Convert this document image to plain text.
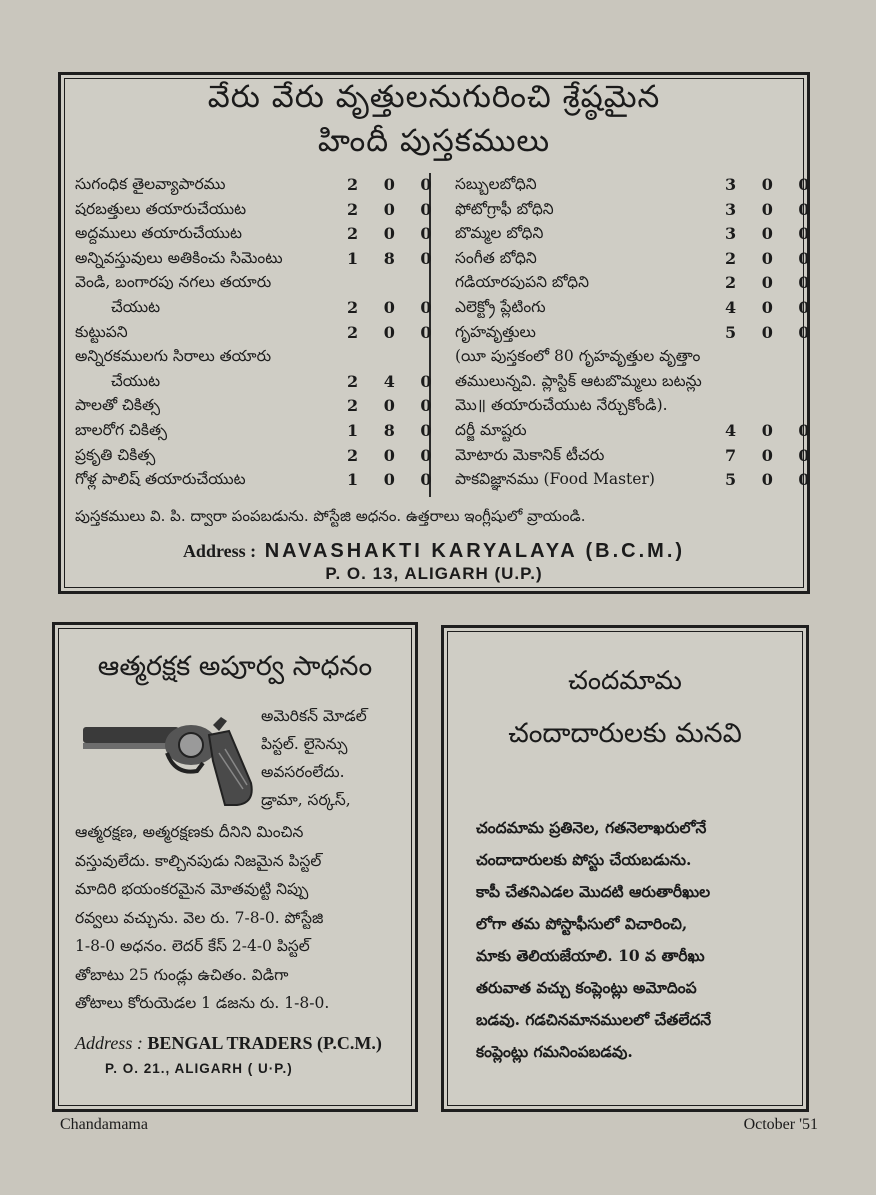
వేరు వేరు వృత్తులనుగురించి శ్రేష్ఠమైన
హిందీ పుస్తకములు
సుగంధిక తైలవ్యాపారము	2 0 0
షరబత్తులు తయారుచేయుట	2 0 0
అద్దములు తయారుచేయుట	2 0 0
అన్నివస్తువులు అతికించు సిమెంటు	1 8 0
వెండి, బంగారపు నగలు తయారు
చేయుట	2 0 0
కుట్టుపని	2 0 0
అన్నిరకములగు సిరాలు తయారు
చేయుట	2 4 0
పాలతో చికిత్స	2 0 0
బాలరోగ చికిత్స	1 8 0
ప్రకృతి చికిత్స	2 0 0
గోళ్ల పాలిష్ తయారుచేయుట	1 0 0
సబ్బులబోధిని	3 0 0
ఫోటోగ్రాఫీ బోధిని	3 0 0
బొమ్మల బోధిని	3 0 0
సంగీత బోధిని	2 0 0
గడియారపుపని బోధిని	2 0 0
ఎలెక్ట్రో ప్లేటింగు	4 0 0
గృహవృత్తులు	5 0 0
(యీ పుస్తకంలో 80 గృహవృత్తుల వృత్తాం
తములున్నవి. ప్లాస్టిక్ ఆటబొమ్మలు బటన్లు
మొ॥ తయారుచేయుట నేర్చుకోండి).
దర్జీ మాష్టరు	4 0 0
మోటారు మెకానిక్ టీచరు	7 0 0
పాకవిజ్ఞానము (Food Master)	5 0 0
పుస్తకములు వి. పి. ద్వారా పంపబడును. పోస్టేజి అధనం. ఉత్తరాలు ఇంగ్లీషులో వ్రాయండి.
Address : NAVASHAKTI KARYALAYA (B.C.M.)
P. O. 13, ALIGARH (U.P.)
ఆత్మరక్షక అపూర్వ సాధనం
అమెరికన్ మోడల్
పిస్టల్. లైసెన్సు
అవసరంలేదు.
డ్రామా, సర్కస్,
ఆత్మరక్షణ, అత్మరక్షణకు దీనిని మించిన
వస్తువులేదు. కాల్చినపుడు నిజమైన పిస్టల్
మాదిరి భయంకరమైన మోతవుట్టి నిప్పు
రవ్వలు వచ్చును. వెల రు. 7-8-0. పోస్టేజి
1-8-0 అధనం. లెదర్ కేస్ 2-4-0 పిస్టల్
తోబాటు 25 గుండ్లు ఉచితం. విడిగా
తోటాలు కోరుయెడల 1 డజను రు. 1-8-0.
Address : BENGAL TRADERS (P.C.M.)
P. O. 21., ALIGARH ( U·P.)
చందమామ
చందాదారులకు మనవి
చందమామ ప్రతినెల, గతనెలాఖరులోనే
చందాదారులకు పోస్టు చేయబడును.
కాపీ చేతనిఎడల మొదటి ఆరుతారీఖుల
లోగా తమ పోస్టాఫీసులో విచారించి,
మాకు తెలియజేయాలి. 10 వ తారీఖు
తరువాత వచ్చు కంప్లెంట్లు అమోదింప
బడవు. గడచినమానములలో చేతలేదనే
కంప్లెంట్లు గమనింపబడవు.
Chandamama	October '51
